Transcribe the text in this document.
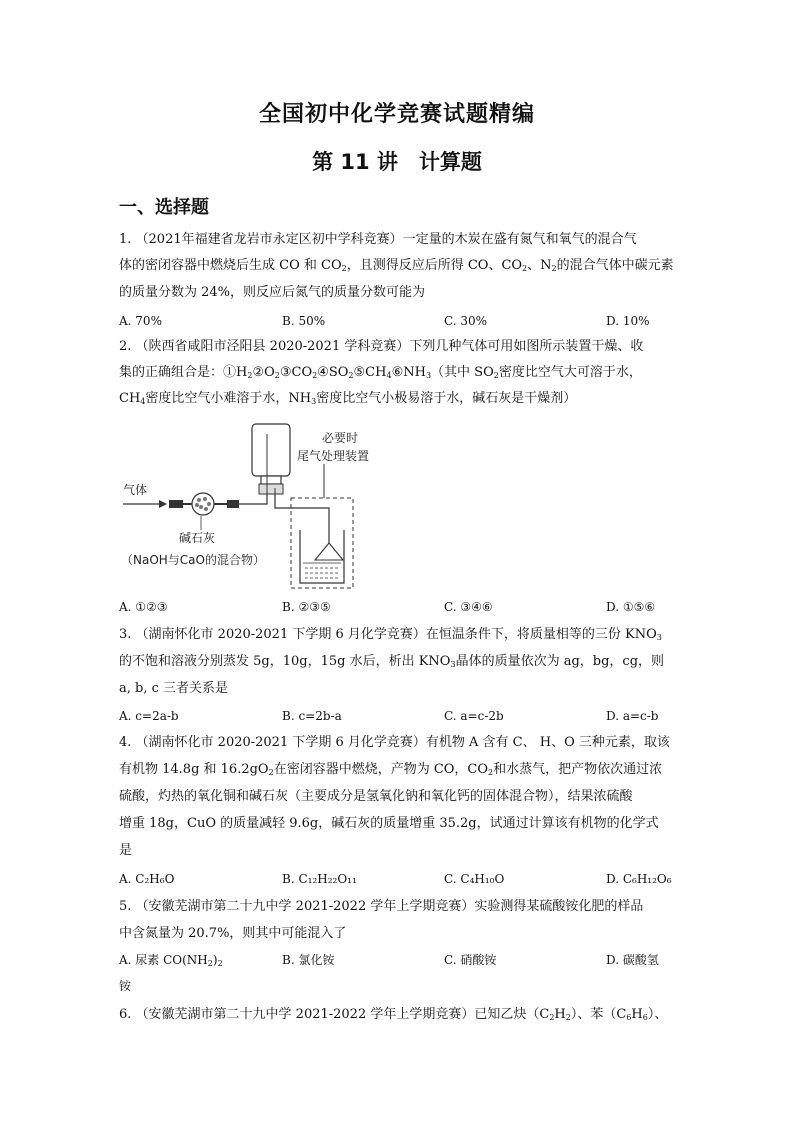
全国初中化学竞赛试题精编
第 11 讲　计算题
一、选择题
1. （2021年福建省龙岩市永定区初中学科竞赛）一定量的木炭在盛有氮气和氧气的混合气
体的密闭容器中燃烧后生成 CO 和 $CO_2$，且测得反应后所得 CO、$CO_2$、$N_2$的混合气体中碳元素
的质量分数为 24%，则反应后氮气的质量分数可能为
A. 70%	B. 50%	C. 30%	D. 10%
2. （陕西省咸阳市泾阳县 2020-2021 学科竞赛）下列几种气体可用如图所示装置干燥、收
集的正确组合是：$①H_2②O_2③CO_2④SO_2⑤CH_4⑥NH_3$（其中 $SO_2$密度比空气大可溶于水，
$CH_4$密度比空气小难溶于水，$NH_3$密度比空气小极易溶于水，碱石灰是干燥剂）
必要时
尾气处理装置
气体
碱石灰
（NaOH与CaO的混合物）
A. ①②③	B. ②③⑤	C. ③④⑥	D. ①⑤⑥
3. （湖南怀化市 2020-2021 下学期 6 月化学竞赛）在恒温条件下，将质量相等的三份 $KNO_3$
的不饱和溶液分别蒸发 5g，10g，15g 水后，析出 $KNO_3$晶体的质量依次为 ag，bg，cg，则
a, b, c 三者关系是
A. c=2a-b	B. c=2b-a	C. a=c-2b	D. a=c-b
4. （湖南怀化市 2020-2021 下学期 6 月化学竞赛）有机物 A 含有 C、 H、O 三种元素，取该
有机物 14.8g 和 $16.2gO_2$在密闭容器中燃烧，产物为 CO，$CO_2$和水蒸气，把产物依次通过浓
硫酸，灼热的氧化铜和碱石灰（主要成分是氢氧化钠和氧化钙的固体混合物），结果浓硫酸
增重 18g，CuO 的质量减轻 9.6g，碱石灰的质量增重 35.2g，试通过计算该有机物的化学式
是
A. C₂H₆O	B. C₁₂H₂₂O₁₁	C. C₄H₁₀O	D. C₆H₁₂O₆
5. （安徽芜湖市第二十九中学 2021-2022 学年上学期竞赛）实验测得某硫酸铵化肥的样品
中含氮量为 20.7%，则其中可能混入了
A. 尿素 $CO(NH_2)_2$	B. 氯化铵	C. 硝酸铵	D. 碳酸氢
铵
6. （安徽芜湖市第二十九中学 2021-2022 学年上学期竞赛）已知乙炔$(C_2H_2)$、苯$(C_6H_6)$、
